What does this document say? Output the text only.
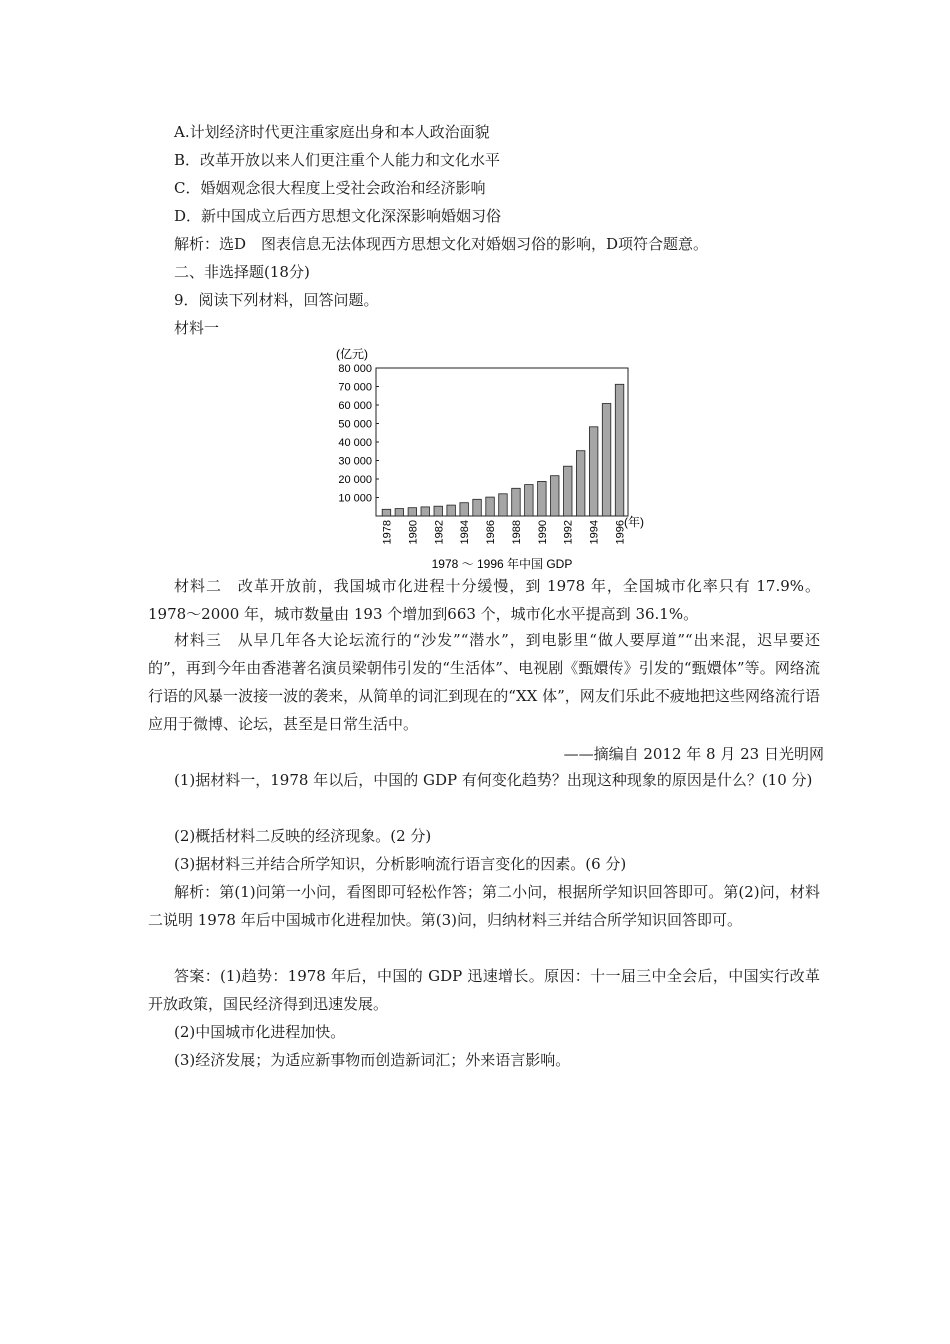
A.计划经济时代更注重家庭出身和本人政治面貌
B．改革开放以来人们更注重个人能力和文化水平
C．婚姻观念很大程度上受社会政治和经济影响
D．新中国成立后西方思想文化深深影响婚姻习俗
解析：选D　图表信息无法体现西方思想文化对婚姻习俗的影响，D项符合题意。
二、非选择题(18分)
9．阅读下列材料，回答问题。
材料一
(亿元)
10 000
20 000
30 000
40 000
50 000
60 000
70 000
80 000
1978 1980 1982 1984 1986 1988 1990 1992 1994 1996
(年)
1978 ～ 1996 年中国 GDP

材料二　改革开放前，我国城市化进程十分缓慢，到 1978 年，全国城市化率只有 17.9%。1978～2000 年，城市数量由 193 个增加到663 个，城市化水平提高到 36.1%。

材料三　从早几年各大论坛流行的“沙发”“潜水”，到电影里“做人要厚道”“出来混，迟早要还的”，再到今年由香港著名演员梁朝伟引发的“生活体”、电视剧《甄嬛传》引发的“甄嬛体”等。网络流行语的风暴一波接一波的袭来，从简单的词汇到现在的“XX 体”，网友们乐此不疲地把这些网络流行语应用于微博、论坛，甚至是日常生活中。

——摘编自 2012 年 8 月 23 日光明网

(1)据材料一，1978 年以后，中国的 GDP 有何变化趋势？出现这种现象的原因是什么？(10 分)

(2)概括材料二反映的经济现象。(2 分)

(3)据材料三并结合所学知识，分析影响流行语言变化的因素。(6 分)

解析：第(1)问第一小问，看图即可轻松作答；第二小问，根据所学知识回答即可。第(2)问，材料二说明 1978 年后中国城市化进程加快。第(3)问，归纳材料三并结合所学知识回答即可。

答案：(1)趋势：1978 年后，中国的 GDP 迅速增长。原因：十一届三中全会后，中国实行改革开放政策，国民经济得到迅速发展。

(2)中国城市化进程加快。

(3)经济发展；为适应新事物而创造新词汇；外来语言影响。
